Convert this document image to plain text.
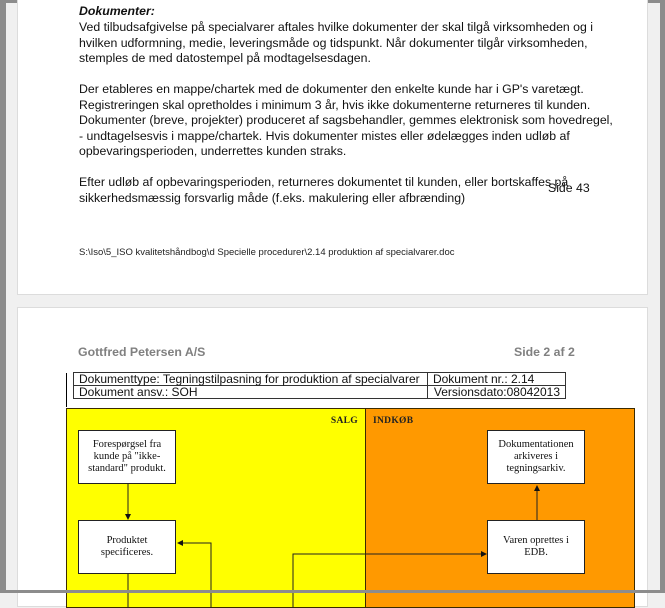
Dokumenter:
Ved tilbudsafgivelse på specialvarer aftales hvilke dokumenter der skal tilgå virksomheden og i
hvilken udformning, medie, leveringsmåde og tidspunkt. Når dokumenter tilgår virksomheden,
stemples de med datostempel på modtagelsesdagen.
Der etableres en mappe/chartek med de dokumenter den enkelte kunde har i GP's varetægt.
Registreringen skal opretholdes i minimum 3 år, hvis ikke dokumenterne returneres til kunden.
Dokumenter (breve, projekter) produceret af sagsbehandler, gemmes elektronisk som hovedregel,
- undtagelsesvis i mappe/chartek. Hvis dokumenter mistes eller ødelægges inden udløb af
opbevaringsperioden, underrettes kunden straks.
Efter udløb af opbevaringsperioden, returneres dokumentet til kunden, eller bortskaffes på
sikkerhedsmæssig forsvarlig måde (f.eks. makulering eller afbrænding)
Side 43
S:\Iso\5_ISO kvalitetshåndbog\d Specielle procedurer\2.14 produktion af specialvarer.doc
Gottfred Petersen A/S	Side 2 af 2
Dokumenttype: Tegningstilpasning for produktion af specialvarer	Dokument nr.: 2.14
Dokument ansv.: SOH	Versionsdato:08042013
SALG INDKØB
Forespørgsel fra
kunde på "ikke-
standard" produkt.
Produktet
specificeres.
Dokumentationen
arkiveres i
tegningsarkiv.
Varen oprettes i
EDB.
